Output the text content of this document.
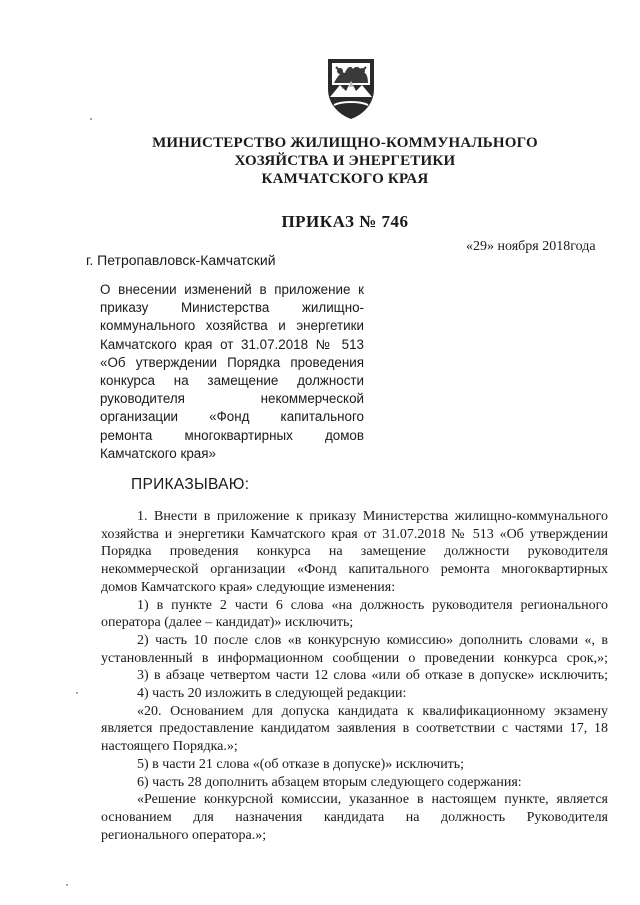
МИНИСТЕРСТВО ЖИЛИЩНО-КОММУНАЛЬНОГО
ХОЗЯЙСТВА И ЭНЕРГЕТИКИ
КАМЧАТСКОГО КРАЯ
ПРИКАЗ № 746
«29» ноября 2018года
г. Петропавловск-Камчатский
О внесении изменений в приложение к
приказу Министерства жилищно-
коммунального хозяйства и энергетики
Камчатского края от 31.07.2018 № 513
«Об утверждении Порядка проведения
конкурса на замещение должности
руководителя некоммерческой
организации «Фонд капитального
ремонта многоквартирных домов
Камчатского края»
ПРИКАЗЫВАЮ:
1. Внести в приложение к приказу Министерства жилищно-коммунального
хозяйства и энергетики Камчатского края от 31.07.2018 № 513 «Об утверждении
Порядка проведения конкурса на замещение должности руководителя
некоммерческой организации «Фонд капитального ремонта многоквартирных
домов Камчатского края» следующие изменения:
1) в пункте 2 части 6 слова «на должность руководителя регионального
оператора (далее – кандидат)» исключить;
2) часть 10 после слов «в конкурсную комиссию» дополнить словами «, в
установленный в информационном сообщении о проведении конкурса срок,»;
3) в абзаце четвертом части 12 слова «или об отказе в допуске» исключить;
4) часть 20 изложить в следующей редакции:
«20. Основанием для допуска кандидата к квалификационному экзамену
является предоставление кандидатом заявления в соответствии с частями 17, 18
настоящего Порядка.»;
5) в части 21 слова «(об отказе в допуске)» исключить;
6) часть 28 дополнить абзацем вторым следующего содержания:
«Решение конкурсной комиссии, указанное в настоящем пункте, является
основанием для назначения кандидата на должность Руководителя
регионального оператора.»;
